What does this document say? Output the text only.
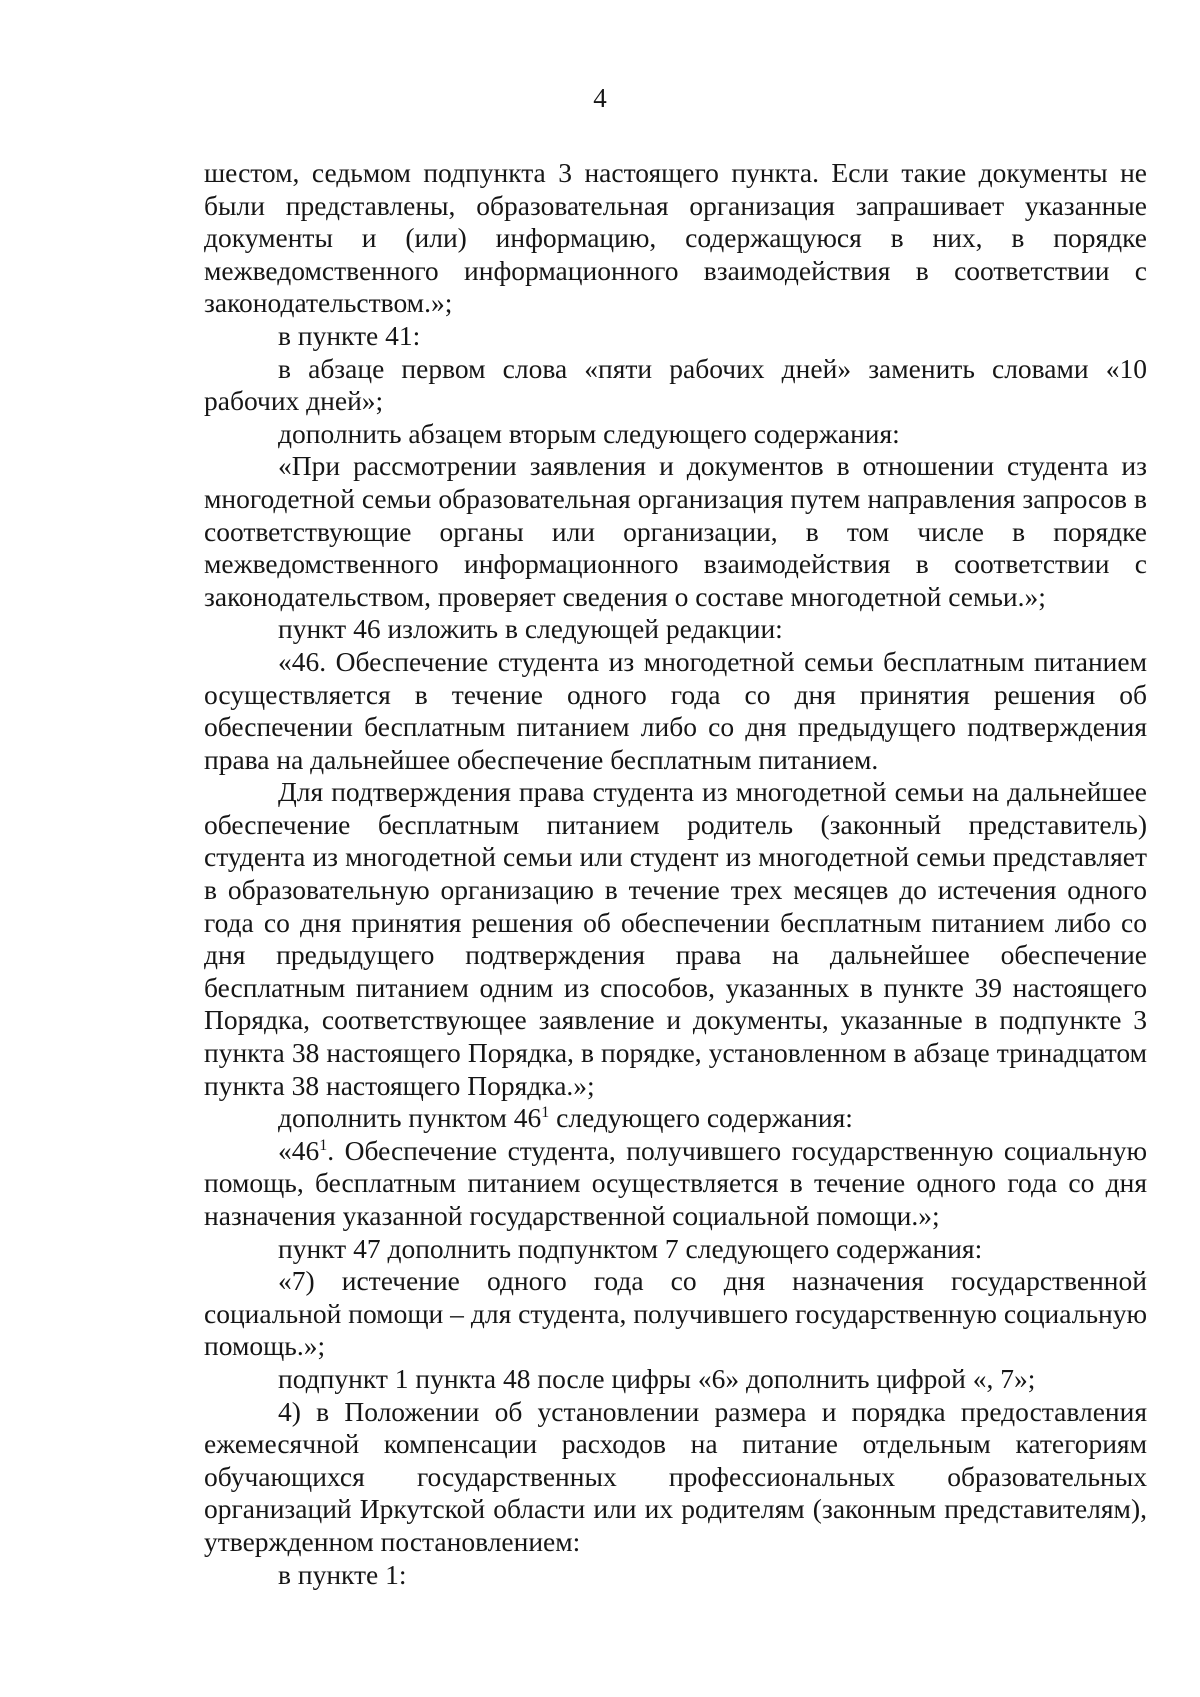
4

шестом, седьмом подпункта 3 настоящего пункта. Если такие документы не были представлены, образовательная организация запрашивает указанные документы и (или) информацию, содержащуюся в них, в порядке межведомственного информационного взаимодействия в соответствии с законодательством.»;

в пункте 41:

в абзаце первом слова «пяти рабочих дней» заменить словами «10 рабочих дней»;

дополнить абзацем вторым следующего содержания:

«При рассмотрении заявления и документов в отношении студента из многодетной семьи образовательная организация путем направления запросов в соответствующие органы или организации, в том числе в порядке межведомственного информационного взаимодействия в соответствии с законодательством, проверяет сведения о составе многодетной семьи.»;

пункт 46 изложить в следующей редакции:

«46. Обеспечение студента из многодетной семьи бесплатным питанием осуществляется в течение одного года со дня принятия решения об обеспечении бесплатным питанием либо со дня предыдущего подтверждения права на дальнейшее обеспечение бесплатным питанием.

Для подтверждения права студента из многодетной семьи на дальнейшее обеспечение бесплатным питанием родитель (законный представитель) студента из многодетной семьи или студент из многодетной семьи представляет в образовательную организацию в течение трех месяцев до истечения одного года со дня принятия решения об обеспечении бесплатным питанием либо со дня предыдущего подтверждения права на дальнейшее обеспечение бесплатным питанием одним из способов, указанных в пункте 39 настоящего Порядка, соответствующее заявление и документы, указанные в подпункте 3 пункта 38 настоящего Порядка, в порядке, установленном в абзаце тринадцатом пункта 38 настоящего Порядка.»;

дополнить пунктом $46^1$ следующего содержания:

«$46^1$. Обеспечение студента, получившего государственную социальную помощь, бесплатным питанием осуществляется в течение одного года со дня назначения указанной государственной социальной помощи.»;

пункт 47 дополнить подпунктом 7 следующего содержания:

«7) истечение одного года со дня назначения государственной социальной помощи – для студента, получившего государственную социальную помощь.»;

подпункт 1 пункта 48 после цифры «6» дополнить цифрой «, 7»;

4) в Положении об установлении размера и порядка предоставления ежемесячной компенсации расходов на питание отдельным категориям обучающихся государственных профессиональных образовательных организаций Иркутской области или их родителям (законным представителям), утвержденном постановлением:

в пункте 1:
